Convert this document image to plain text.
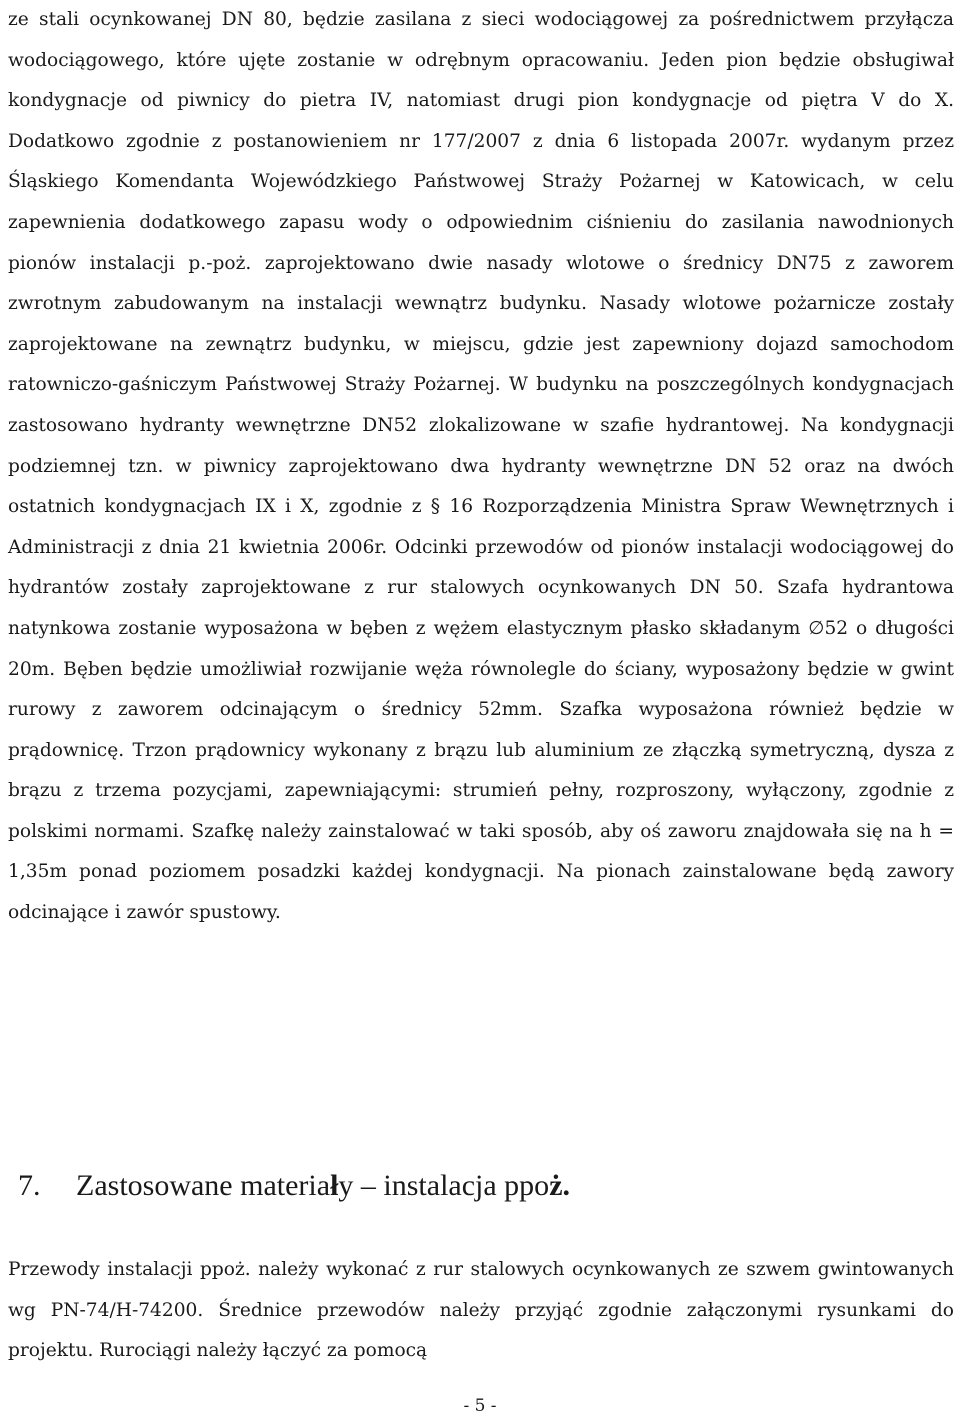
ze stali ocynkowanej DN 80, będzie zasilana z sieci wodociągowej za pośrednictwem przyłącza wodociągowego, które ujęte zostanie w odrębnym opracowaniu. Jeden pion będzie obsługiwał kondygnacje od piwnicy do pietra IV, natomiast drugi pion kondygnacje od piętra V do X. Dodatkowo zgodnie z postanowieniem nr 177/2007 z dnia 6 listopada 2007r. wydanym przez Śląskiego Komendanta Wojewódzkiego Państwowej Straży Pożarnej w Katowicach, w celu zapewnienia dodatkowego zapasu wody o odpowiednim ciśnieniu do zasilania nawodnionych pionów instalacji p.-poż. zaprojektowano dwie nasady wlotowe o średnicy DN75 z zaworem zwrotnym zabudowanym na instalacji wewnątrz budynku. Nasady wlotowe pożarnicze zostały zaprojektowane na zewnątrz budynku, w miejscu, gdzie jest zapewniony dojazd samochodom ratowniczo-gaśniczym Państwowej Straży Pożarnej. W budynku na poszczególnych kondygnacjach zastosowano hydranty wewnętrzne DN52 zlokalizowane w szafie hydrantowej. Na kondygnacji podziemnej tzn. w piwnicy zaprojektowano dwa hydranty wewnętrzne DN 52 oraz na dwóch ostatnich kondygnacjach IX i X, zgodnie z § 16 Rozporządzenia Ministra Spraw Wewnętrznych i Administracji z dnia 21 kwietnia 2006r. Odcinki przewodów od pionów instalacji wodociągowej do hydrantów zostały zaprojektowane z rur stalowych ocynkowanych DN 50. Szafa hydrantowa natynkowa zostanie wyposażona w bęben z wężem elastycznym płasko składanym ∅52 o długości 20m. Bęben będzie umożliwiał rozwijanie węża równolegle do ściany, wyposażony będzie w gwint rurowy z zaworem odcinającym o średnicy 52mm. Szafka wyposażona również będzie w prądownicę. Trzon prądownicy wykonany z brązu lub aluminium ze złączką symetryczną, dysza z brązu z trzema pozycjami, zapewniającymi: strumień pełny, rozproszony, wyłączony, zgodnie z polskimi normami. Szafkę należy zainstalować w taki sposób, aby oś zaworu znajdowała się na h = 1,35m ponad poziomem posadzki każdej kondygnacji. Na pionach zainstalowane będą zawory odcinające i zawór spustowy.

7. Zastosowane materiały – instalacja ppoż.

Przewody instalacji ppoż. należy wykonać z rur stalowych ocynkowanych ze szwem gwintowanych wg PN-74/H-74200. Średnice przewodów należy przyjąć zgodnie załączonymi rysunkami do projektu. Rurociągi należy łączyć za pomocą

- 5 -
